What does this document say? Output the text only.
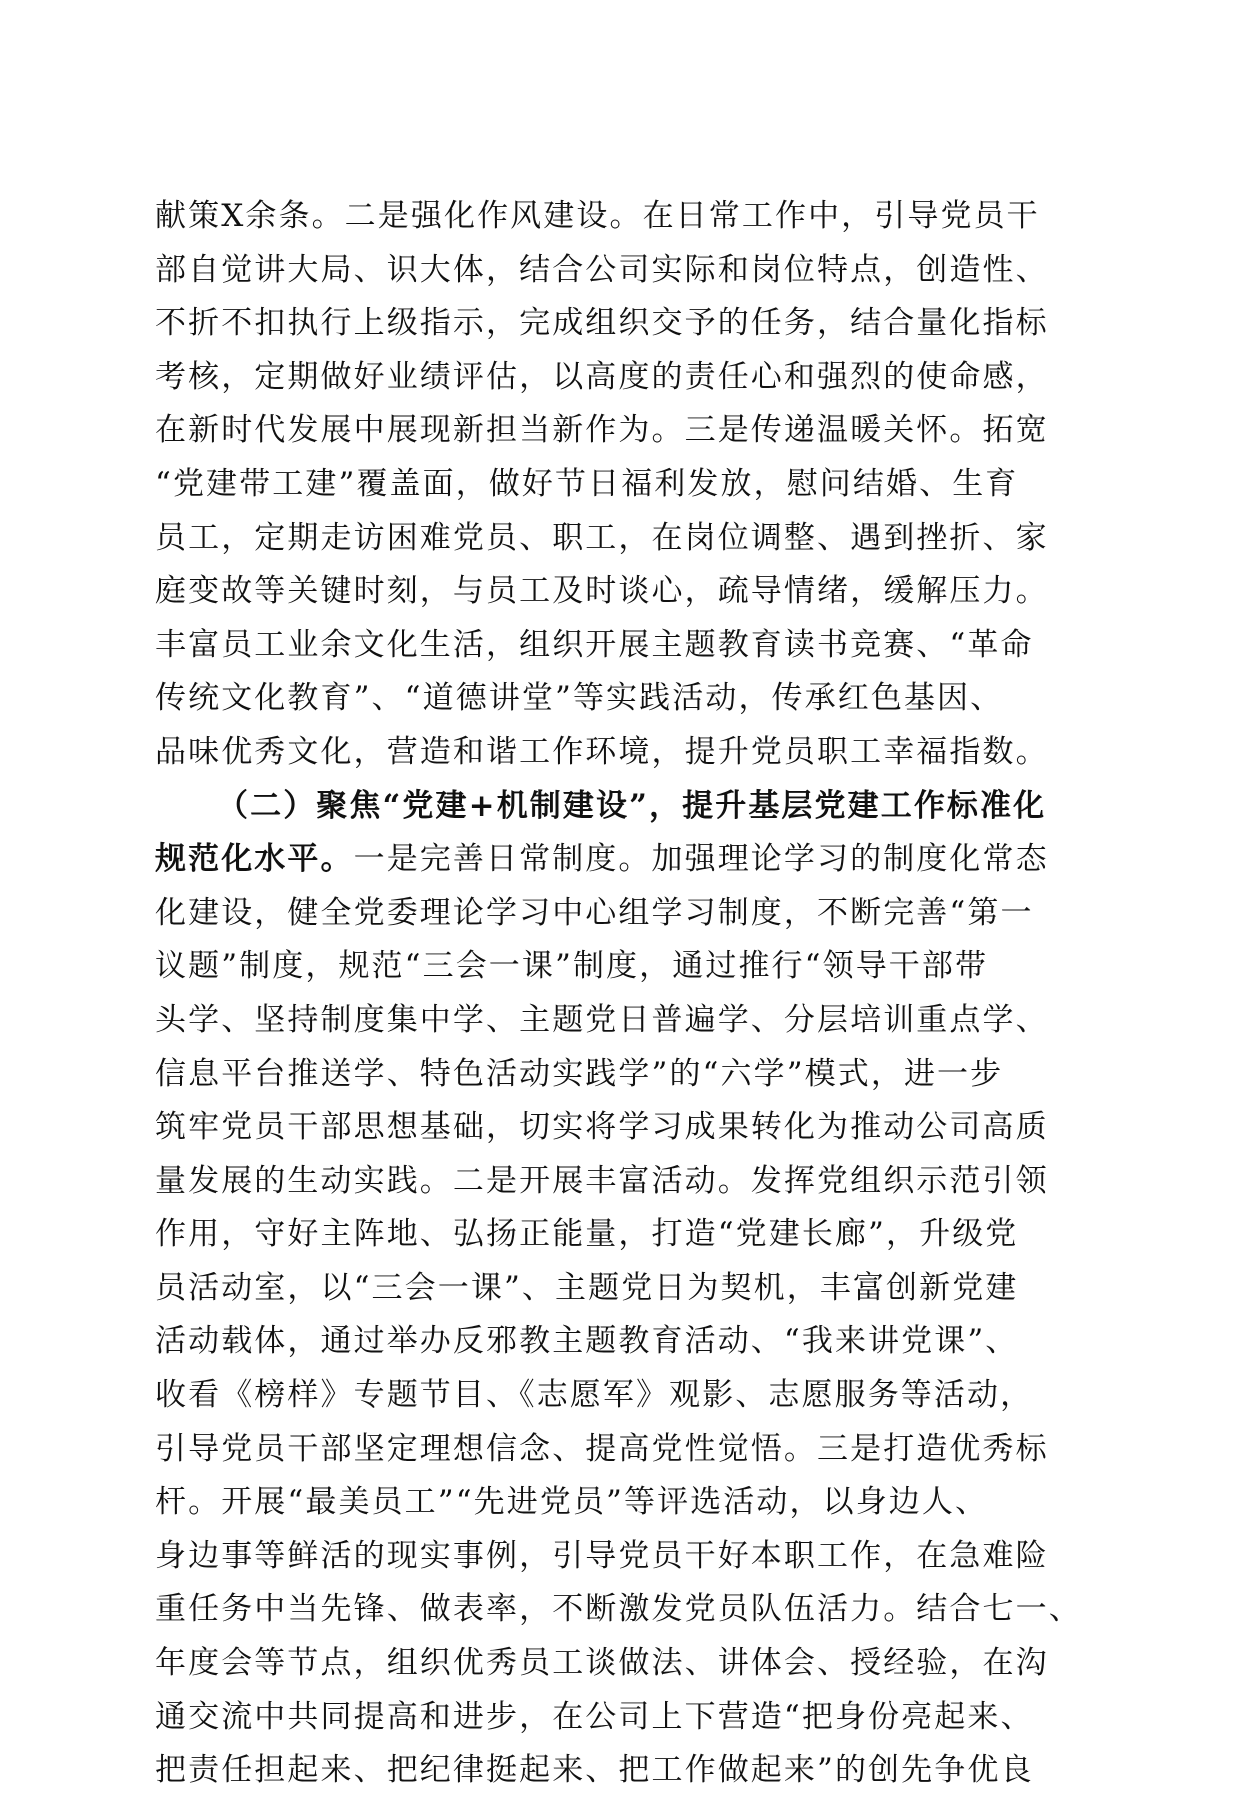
献策X余条。二是强化作风建设。在日常工作中，引导党员干
部自觉讲大局、识大体，结合公司实际和岗位特点，创造性、
不折不扣执行上级指示，完成组织交予的任务，结合量化指标
考核，定期做好业绩评估，以高度的责任心和强烈的使命感，
在新时代发展中展现新担当新作为。三是传递温暖关怀。拓宽
“党建带工建”覆盖面，做好节日福利发放，慰问结婚、生育
员工，定期走访困难党员、职工，在岗位调整、遇到挫折、家
庭变故等关键时刻，与员工及时谈心，疏导情绪，缓解压力。
丰富员工业余文化生活，组织开展主题教育读书竞赛、“革命
传统文化教育”、“道德讲堂”等实践活动，传承红色基因、
品味优秀文化，营造和谐工作环境，提升党员职工幸福指数。
（二）聚焦“党建+机制建设”，提升基层党建工作标准化
规范化水平。一是完善日常制度。加强理论学习的制度化常态
化建设，健全党委理论学习中心组学习制度，不断完善“第一
议题”制度，规范“三会一课”制度，通过推行“领导干部带
头学、坚持制度集中学、主题党日普遍学、分层培训重点学、
信息平台推送学、特色活动实践学”的“六学”模式，进一步
筑牢党员干部思想基础，切实将学习成果转化为推动公司高质
量发展的生动实践。二是开展丰富活动。发挥党组织示范引领
作用，守好主阵地、弘扬正能量，打造“党建长廊”，升级党
员活动室，以“三会一课”、主题党日为契机，丰富创新党建
活动载体，通过举办反邪教主题教育活动、“我来讲党课”、
收看《榜样》专题节目、《志愿军》观影、志愿服务等活动，
引导党员干部坚定理想信念、提高党性觉悟。三是打造优秀标
杆。开展“最美员工”“先进党员”等评选活动，以身边人、
身边事等鲜活的现实事例，引导党员干好本职工作，在急难险
重任务中当先锋、做表率，不断激发党员队伍活力。结合七一、
年度会等节点，组织优秀员工谈做法、讲体会、授经验，在沟
通交流中共同提高和进步，在公司上下营造“把身份亮起来、
把责任担起来、把纪律挺起来、把工作做起来”的创先争优良
